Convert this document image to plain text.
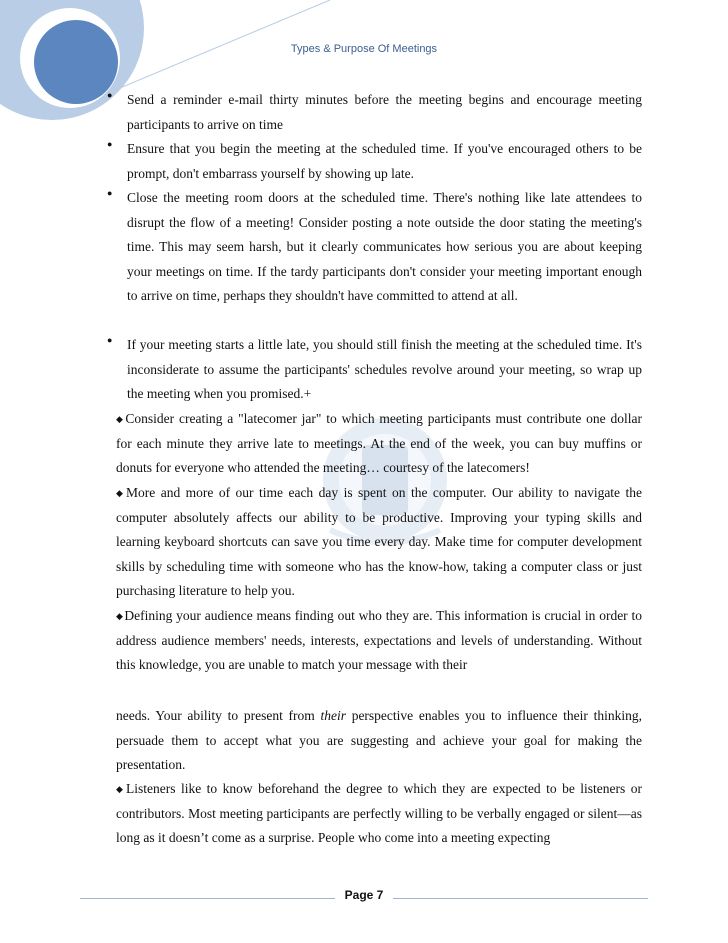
Types & Purpose Of Meetings
● Send a reminder e-mail thirty minutes before the meeting begins and encourage meeting participants to arrive on time
● Ensure that you begin the meeting at the scheduled time. If you've encouraged others to be prompt, don't embarrass yourself by showing up late.
● Close the meeting room doors at the scheduled time. There's nothing like late attendees to disrupt the flow of a meeting! Consider posting a note outside the door stating the meeting's time. This may seem harsh, but it clearly communicates how serious you are about keeping your meetings on time. If the tardy participants don't consider your meeting important enough to arrive on time, perhaps they shouldn't have committed to attend at all.
● If your meeting starts a little late, you should still finish the meeting at the scheduled time. It's inconsiderate to assume the participants' schedules revolve around your meeting, so wrap up the meeting when you promised.+
◆Consider creating a "latecomer jar" to which meeting participants must contribute one dollar for each minute they arrive late to meetings. At the end of the week, you can buy muffins or donuts for everyone who attended the meeting… courtesy of the latecomers!
◆More and more of our time each day is spent on the computer. Our ability to navigate the computer absolutely affects our ability to be productive. Improving your typing skills and learning keyboard shortcuts can save you time every day. Make time for computer development skills by scheduling time with someone who has the know-how, taking a computer class or just purchasing literature to help you.
◆Defining your audience means finding out who they are. This information is crucial in order to address audience members' needs, interests, expectations and levels of understanding. Without this knowledge, you are unable to match your message with their
needs. Your ability to present from their perspective enables you to influence their thinking, persuade them to accept what you are suggesting and achieve your goal for making the presentation.
◆Listeners like to know beforehand the degree to which they are expected to be listeners or contributors. Most meeting participants are perfectly willing to be verbally engaged or silent—as long as it doesn’t come as a surprise. People who come into a meeting expecting
Page 7
